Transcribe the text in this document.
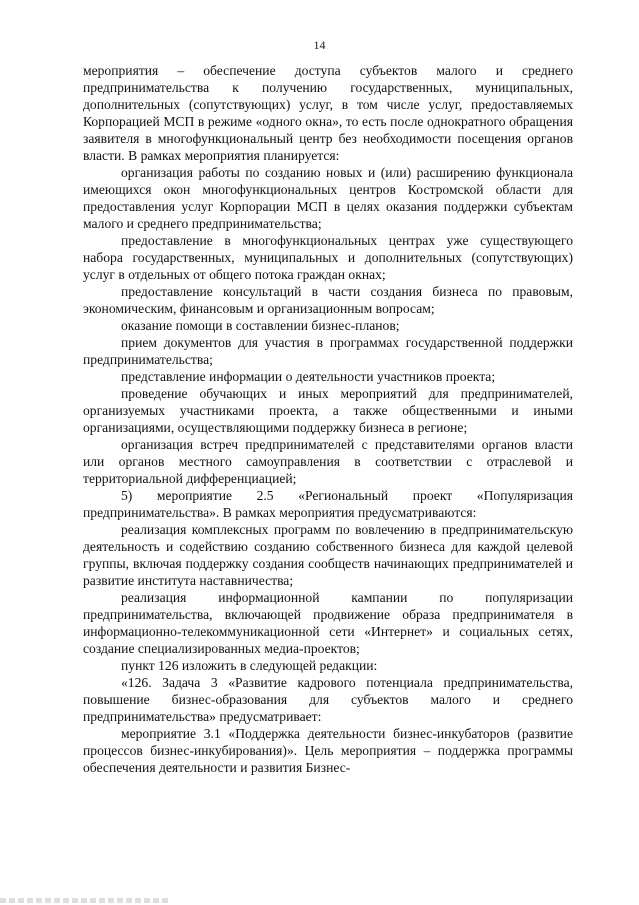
14

мероприятия – обеспечение доступа субъектов малого и среднего предпринимательства к получению государственных, муниципальных, дополнительных (сопутствующих) услуг, в том числе услуг, предоставляемых Корпорацией МСП в режиме «одного окна», то есть после однократного обращения заявителя в многофункциональный центр без необходимости посещения органов власти. В рамках мероприятия планируется:

организация работы по созданию новых и (или) расширению функционала имеющихся окон многофункциональных центров Костромской области для предоставления услуг Корпорации МСП в целях оказания поддержки субъектам малого и среднего предпринимательства;

предоставление в многофункциональных центрах уже существующего набора государственных, муниципальных и дополнительных (сопутствующих) услуг в отдельных от общего потока граждан окнах;

предоставление консультаций в части создания бизнеса по правовым, экономическим, финансовым и организационным вопросам;

оказание помощи в составлении бизнес-планов;

прием документов для участия в программах государственной поддержки предпринимательства;

представление информации о деятельности участников проекта;

проведение обучающих и иных мероприятий для предпринимателей, организуемых участниками проекта, а также общественными и иными организациями, осуществляющими поддержку бизнеса в регионе;

организация встреч предпринимателей с представителями органов власти или органов местного самоуправления в соответствии с отраслевой и территориальной дифференциацией;

5) мероприятие 2.5 «Региональный проект «Популяризация предпринимательства». В рамках мероприятия предусматриваются:

реализация комплексных программ по вовлечению в предпринимательскую деятельность и содействию созданию собственного бизнеса для каждой целевой группы, включая поддержку создания сообществ начинающих предпринимателей и развитие института наставничества;

реализация информационной кампании по популяризации предпринимательства, включающей продвижение образа предпринимателя в информационно-телекоммуникационной сети «Интернет» и социальных сетях, создание специализированных медиа-проектов;

пункт 126 изложить в следующей редакции:

«126. Задача 3 «Развитие кадрового потенциала предпринимательства, повышение бизнес-образования для субъектов малого и среднего предпринимательства» предусматривает:

мероприятие 3.1 «Поддержка деятельности бизнес-инкубаторов (развитие процессов бизнес-инкубирования)». Цель мероприятия – поддержка программы обеспечения деятельности и развития Бизнес-
